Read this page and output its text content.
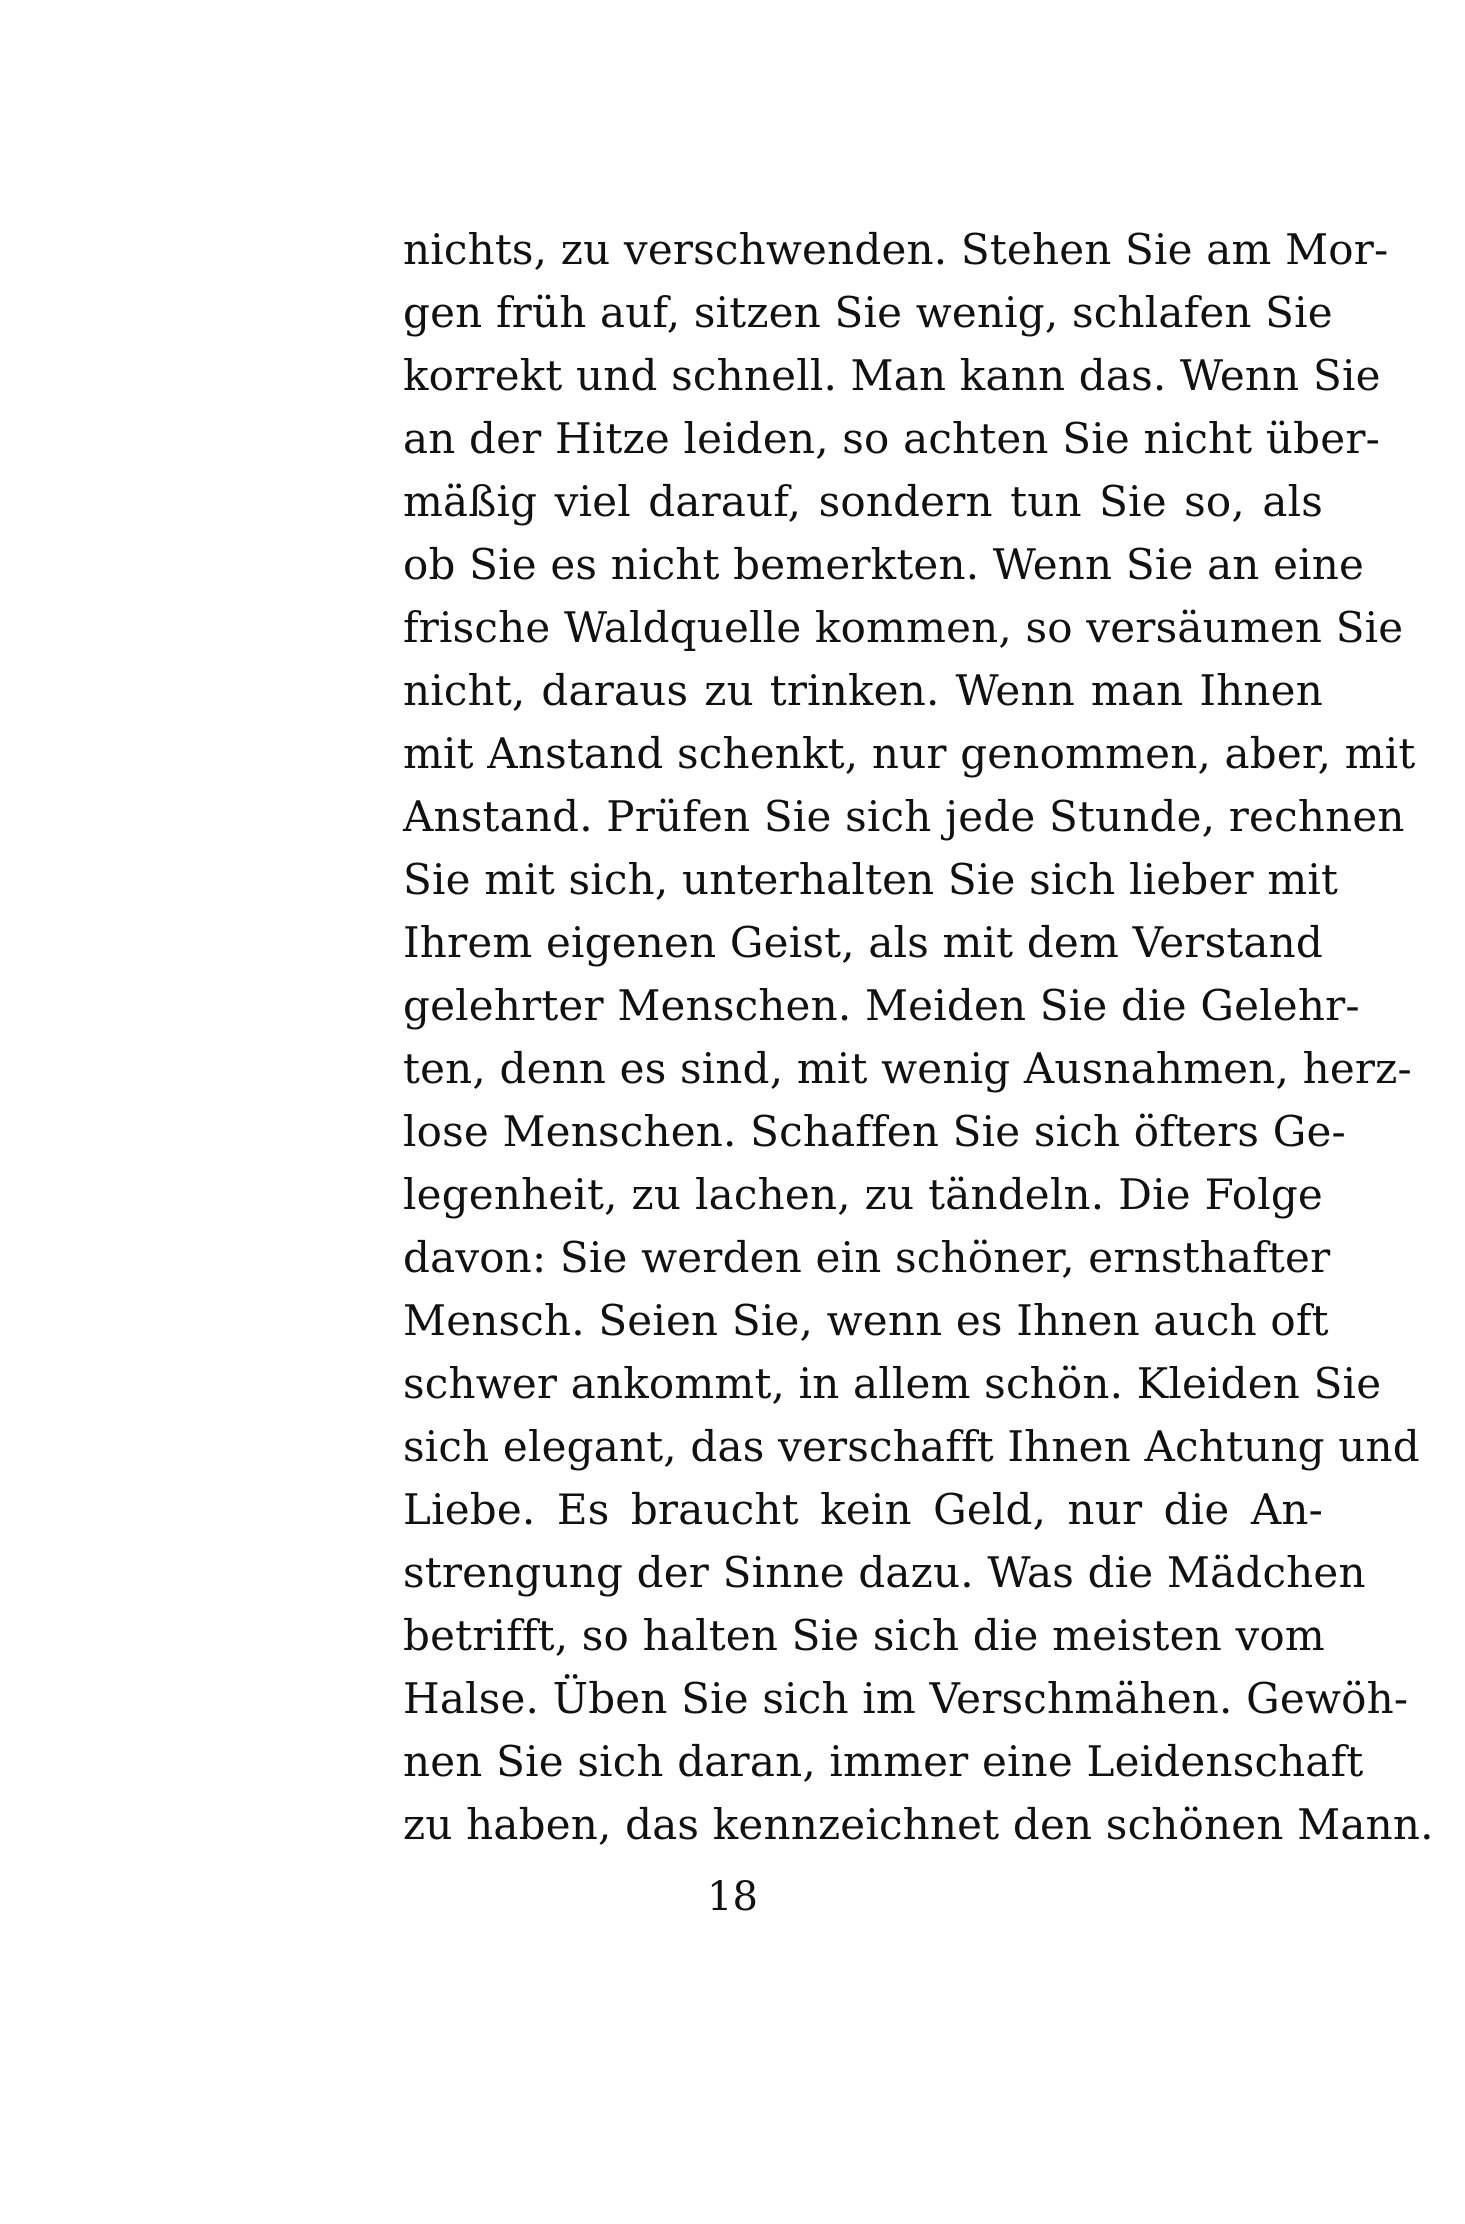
nichts, zu verschwenden. Stehen Sie am Mor-
gen früh auf, sitzen Sie wenig, schlafen Sie
korrekt und schnell. Man kann das. Wenn Sie
an der Hitze leiden, so achten Sie nicht über-
mäßig viel darauf, sondern tun Sie so, als
ob Sie es nicht bemerkten. Wenn Sie an eine
frische Waldquelle kommen, so versäumen Sie
nicht, daraus zu trinken. Wenn man Ihnen
mit Anstand schenkt, nur genommen, aber, mit
Anstand. Prüfen Sie sich jede Stunde, rechnen
Sie mit sich, unterhalten Sie sich lieber mit
Ihrem eigenen Geist, als mit dem Verstand
gelehrter Menschen. Meiden Sie die Gelehr-
ten, denn es sind, mit wenig Ausnahmen, herz-
lose Menschen. Schaffen Sie sich öfters Ge-
legenheit, zu lachen, zu tändeln. Die Folge
davon: Sie werden ein schöner, ernsthafter
Mensch. Seien Sie, wenn es Ihnen auch oft
schwer ankommt, in allem schön. Kleiden Sie
sich elegant, das verschafft Ihnen Achtung und
Liebe. Es braucht kein Geld, nur die An-
strengung der Sinne dazu. Was die Mädchen
betrifft, so halten Sie sich die meisten vom
Halse. Üben Sie sich im Verschmähen. Gewöh-
nen Sie sich daran, immer eine Leidenschaft
zu haben, das kennzeichnet den schönen Mann.
18
